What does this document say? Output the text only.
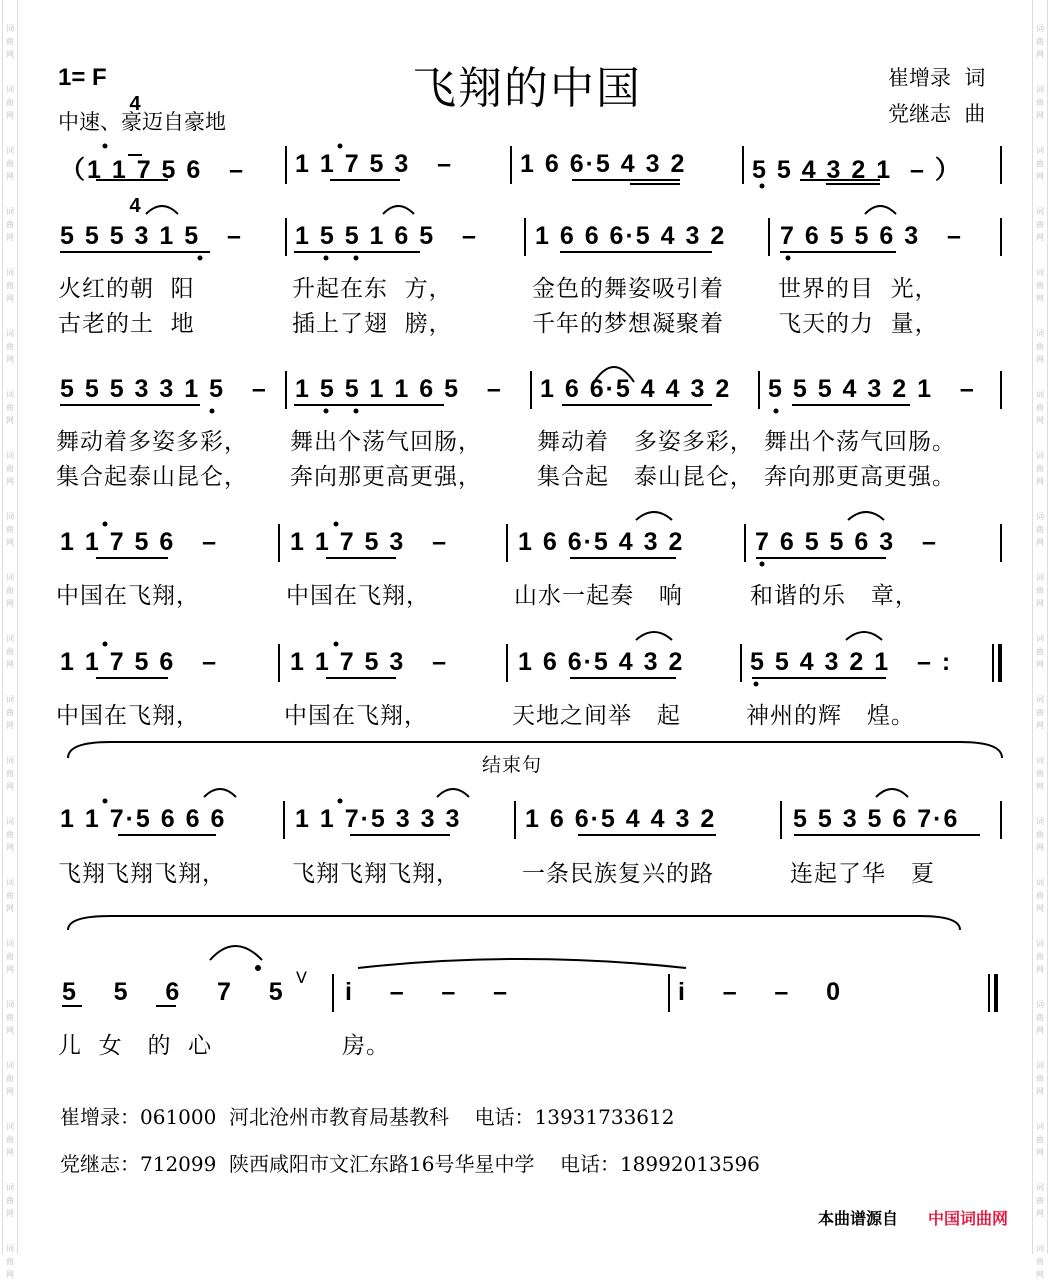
词
曲
网
词
曲
网
词
曲
网
词
曲
网
词
曲
网
词
曲
网
词
曲
网
词
曲
网
词
曲
网
词
曲
网
词
曲
网
词
曲
网
词
曲
网
词
曲
网
词
曲
网
词
曲
网
词
曲
网
词
曲
网
词
曲
网
词
曲
网
词
曲
网
词
曲
网
词
曲
网
词
曲
网
词
曲
网
词
曲
网
词
曲
网
词
曲
网
词
曲
网
词
曲
网
词
曲
网
词
曲
网
词
曲
网
词
曲
网
词
曲
网
词
曲
网
词
曲
网
词
曲
网
词
曲
网
词
曲
网
词
曲
网
词
曲
网
1= F

4

4

飞翔的中国	崔增录  词
党继志  曲
中速、豪迈自豪地
（1 1 7 5 6   – 1 1 7 5 3   –	1 6 6·5 4 3 2	5 5 4 3 2 1  – ）
5 5 5 3 1 5   – 1 5 5 1 6 5   – 1 6 6 6·5 4 3 2 7 6 5 5 6 3   –
火红的朝  阳	升起在东  方，	金色的舞姿吸引着 世界的目  光，
古老的土  地	插上了翅  膀，	千年的梦想凝聚着 飞天的力  量，
5 5 5 3 3 1 5   – 1 5 5 1 1 6 5   – 1 6 6·5 4 4 3 2 5 5 5 4 3 2 1   –
舞动着多姿多彩， 舞出个荡气回肠， 舞动着   多姿多彩， 舞出个荡气回肠。
集合起泰山昆仑， 奔向那更高更强， 集合起   泰山昆仑， 奔向那更高更强。
1 1 7 5 6   –	1 1 7 5 3   –	1 6 6·5 4 3 2	7 6 5 5 6 3   –
中国在飞翔，	中国在飞翔，	山水一起奏   响	和谐的乐   章，
1 1 7 5 6   –	1 1 7 5 3   –	1 6 6·5 4 3 2	5 5 4 3 2 1   – :
中国在飞翔，	中国在飞翔，	天地之间举   起	神州的辉   煌。
结束句
1 1 7·5 6 6 6	1 1 7·5 3 3 3	1 6 6·5 4 4 3 2	5 5 3 5 6 7·6
飞翔飞翔飞翔，	飞翔飞翔飞翔，	一条民族复兴的路	连起了华   夏
5    5    6    7    5 i    –    –    –	i    –    –    0
V
儿  女   的  心	房。
崔增录：061000  河北沧州市教育局基教科    电话：13931733612
党继志：712099  陕西咸阳市文汇东路16号华星中学    电话：18992013596
本曲谱源自 中国词曲网
